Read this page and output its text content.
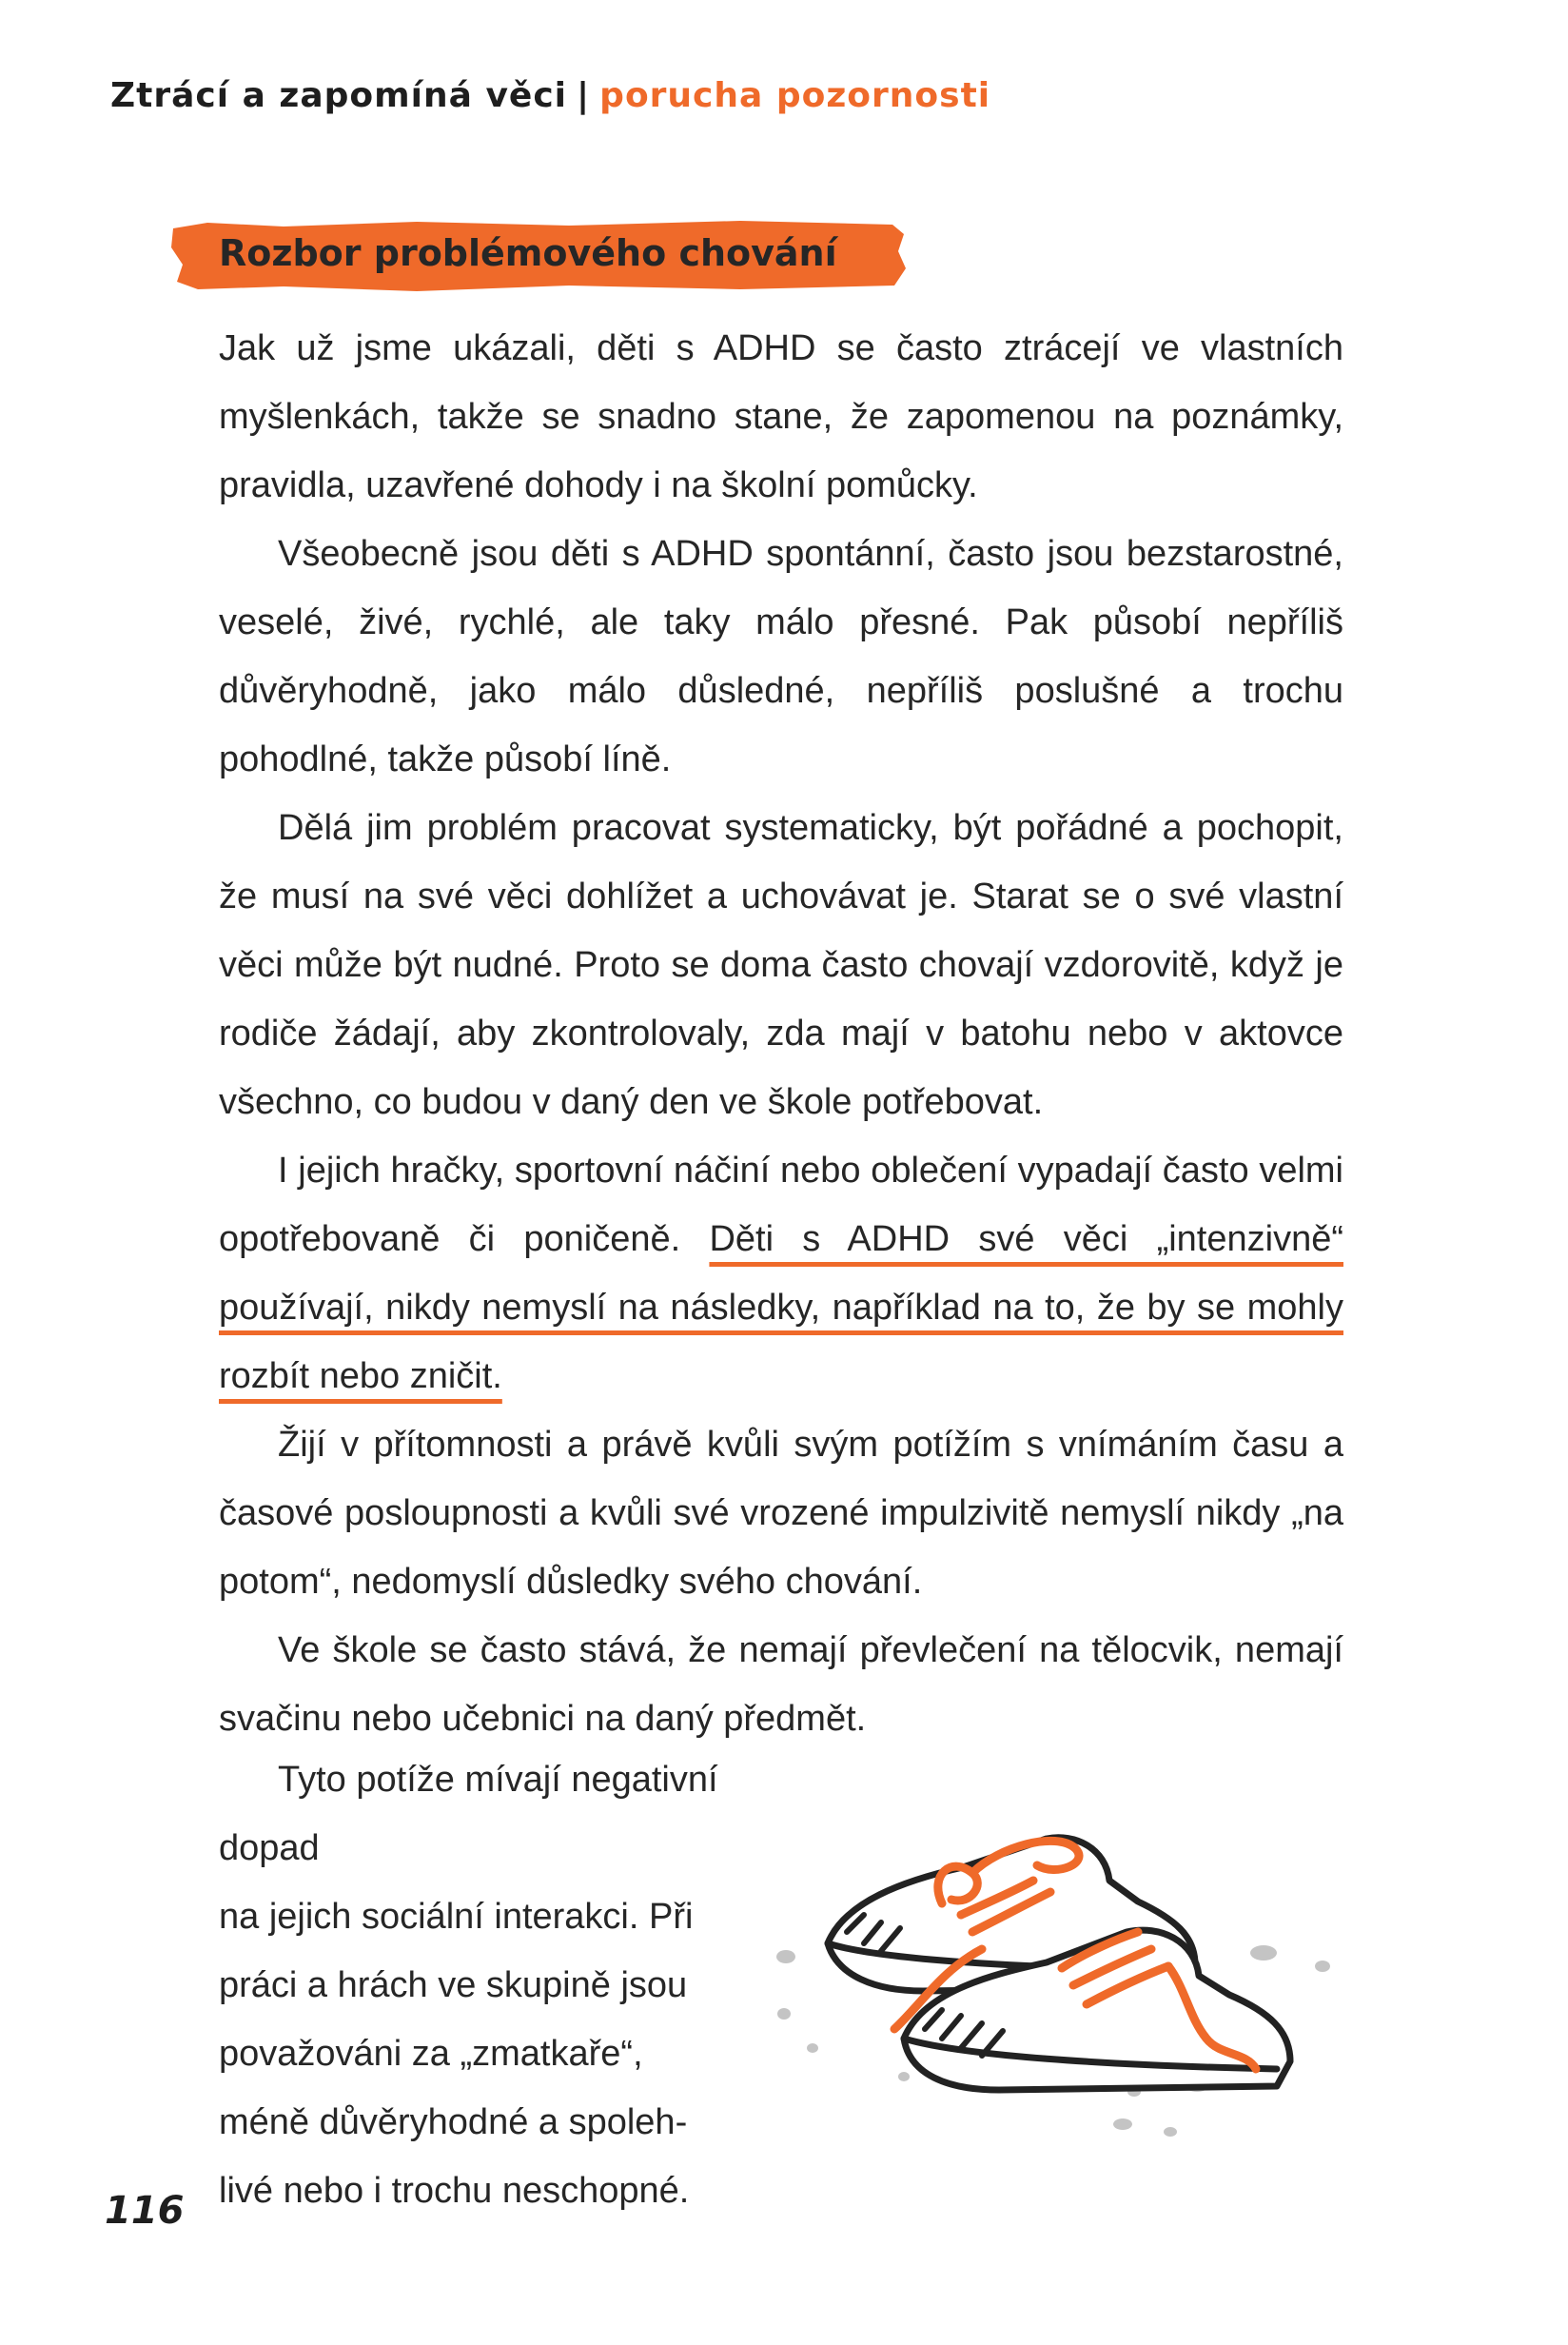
Ztrácí a zapomíná věci | porucha pozornosti
Rozbor problémového chování

Jak už jsme ukázali, děti s ADHD se často ztrácejí ve vlastních myšlenkách, takže se snadno stane, že zapomenou na poznámky, pravidla, uzavřené dohody i na školní pomůcky.

Všeobecně jsou děti s ADHD spontánní, často jsou bezstarostné, veselé, živé, rychlé, ale taky málo přesné. Pak působí nepříliš důvěryhodně, jako málo důsledné, nepříliš poslušné a trochu pohodlné, takže působí líně.

Dělá jim problém pracovat systematicky, být pořádné a pochopit, že musí na své věci dohlížet a uchovávat je. Starat se o své vlastní věci může být nudné. Proto se doma často chovají vzdorovitě, když je rodiče žádají, aby zkontrolovaly, zda mají v batohu nebo v aktovce všechno, co budou v daný den ve škole potřebovat.

I jejich hračky, sportovní náčiní nebo oblečení vypadají často velmi opotřebovaně či poničeně. Děti s ADHD své věci „intenzivně“ používají, nikdy nemyslí na následky, například na to, že by se mohly rozbít nebo zničit.

Žijí v přítomnosti a právě kvůli svým potížím s vnímáním času a časové posloupnosti a kvůli své vrozené impulzivitě nemyslí nikdy „na potom“, nedomyslí důsledky svého chování.

Ve škole se často stává, že nemají převlečení na tělocvik, nemají svačinu nebo učebnici na daný předmět.

Tyto potíže mívají negativní dopad

na jejich sociální interakci. Při

práci a hrách ve skupině jsou

považováni za „zmatkaře“,

méně důvěryhodné a spoleh-

livé nebo i trochu neschopné.

116
